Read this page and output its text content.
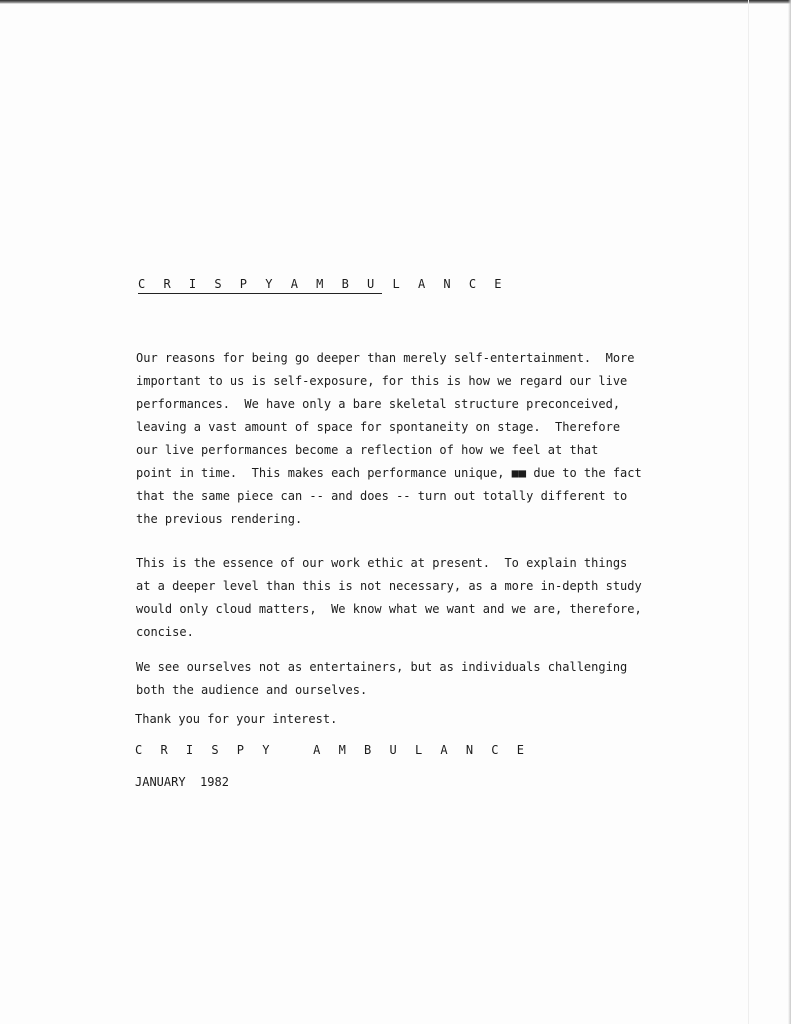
C R I S P Y A M B U L A N C E

Our reasons for being go deeper than merely self-entertainment.  More
important to us is self-exposure, for this is how we regard our live
performances.  We have only a bare skeletal structure preconceived,
leaving a vast amount of space for spontaneity on stage.  Therefore
our live performances become a reflection of how we feel at that
point in time.  This makes each performance unique, ■■ due to the fact
that the same piece can -- and does -- turn out totally different to
the previous rendering.

This is the essence of our work ethic at present.  To explain things
at a deeper level than this is not necessary, as a more in-depth study
would only cloud matters,  We know what we want and we are, therefore,
concise.

We see ourselves not as entertainers, but as individuals challenging
both the audience and ourselves.

Thank you for your interest.
C R I S P Y   A M B U L A N C E
JANUARY  1982
